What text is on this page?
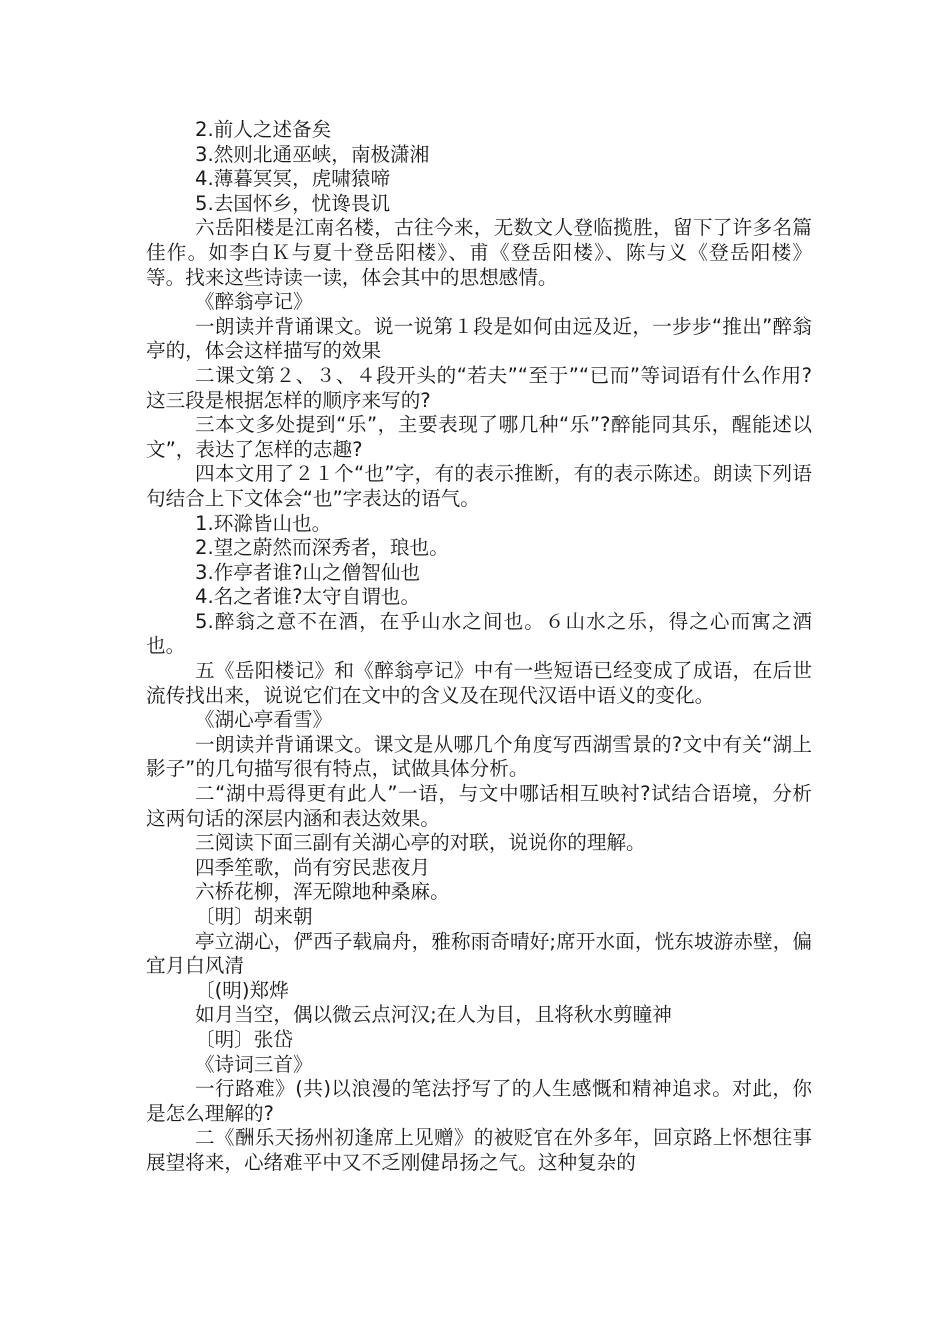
2.前人之述备矣

3.然则北通巫峡，南极潇湘

4.薄暮冥冥，虎啸猿啼

5.去国怀乡，忧谗畏讥

六岳阳楼是江南名楼，古往今来，无数文人登临揽胜，留下了许多名篇佳作。如李白Ｋ与夏十登岳阳楼》、甫《登岳阳楼》、陈与义《登岳阳楼》等。找来这些诗读一读，体会其中的思想感情。

《醉翁亭记》

一朗读并背诵课文。说一说第１段是如何由远及近，一步步“推出”醉翁亭的，体会这样描写的效果

二课文第２、３、４段开头的“若夫”“至于”“已而”等词语有什么作用?这三段是根据怎样的顺序来写的?

三本文多处提到“乐”，主要表现了哪几种“乐”?醉能同其乐，醒能述以文”，表达了怎样的志趣?

四本文用了２１个“也”字，有的表示推断，有的表示陈述。朗读下列语句结合上下文体会“也”字表达的语气。

1.环滁皆山也。

2.望之蔚然而深秀者，琅也。

3.作亭者谁?山之僧智仙也

4.名之者谁?太守自谓也。

5.醉翁之意不在酒，在乎山水之间也。６山水之乐，得之心而寓之酒也。

五《岳阳楼记》和《醉翁亭记》中有一些短语已经变成了成语，在后世流传找出来，说说它们在文中的含义及在现代汉语中语义的变化。

《湖心亭看雪》

一朗读并背诵课文。课文是从哪几个角度写西湖雪景的?文中有关“湖上影子”的几句描写很有特点，试做具体分析。

二“湖中焉得更有此人”一语，与文中哪话相互映衬?试结合语境，分析这两句话的深层内涵和表达效果。

三阅读下面三副有关湖心亭的对联，说说你的理解。

四季笙歌，尚有穷民悲夜月

六桥花柳，浑无隙地种桑麻。

〔明〕胡来朝

亭立湖心，俨西子载扁舟，雅称雨奇晴好;席开水面，恍东坡游赤壁，偏宜月白风清

〔(明)郑烨

如月当空，偶以微云点河汉;在人为目，且将秋水剪瞳神

〔明〕张岱

《诗词三首》

一行路难》(共)以浪漫的笔法抒写了的人生感慨和精神追求。对此，你是怎么理解的?

二《酬乐天扬州初逢席上见赠》的被贬官在外多年，回京路上怀想往事展望将来，心绪难平中又不乏刚健昂扬之气。这种复杂的
